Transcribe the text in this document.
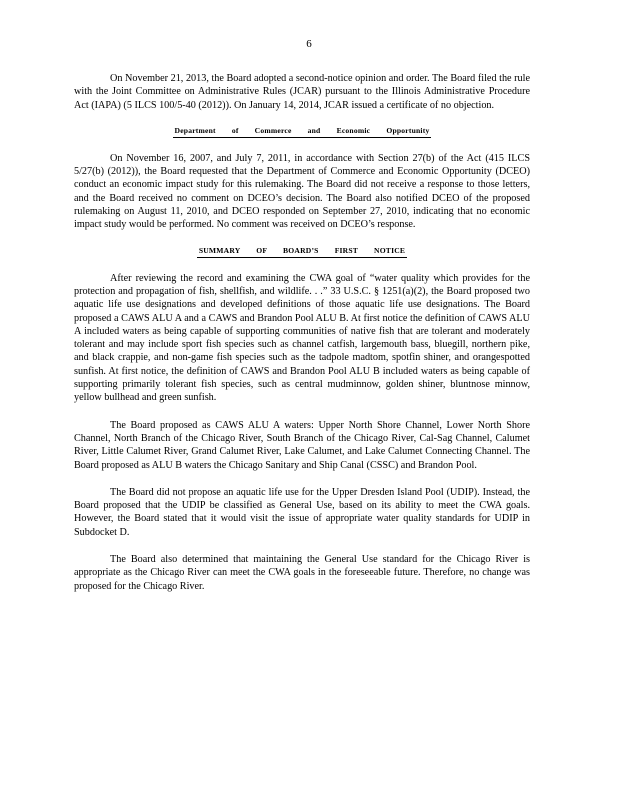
6

On November 21, 2013, the Board adopted a second-notice opinion and order. The Board filed the rule with the Joint Committee on Administrative Rules (JCAR) pursuant to the Illinois Administrative Procedure Act (IAPA) (5 ILCS 100/5-40 (2012)). On January 14, 2014, JCAR issued a certificate of no objection.

Department of Commerce and Economic Opportunity

On November 16, 2007, and July 7, 2011, in accordance with Section 27(b) of the Act (415 ILCS 5/27(b) (2012)), the Board requested that the Department of Commerce and Economic Opportunity (DCEO) conduct an economic impact study for this rulemaking. The Board did not receive a response to those letters, and the Board received no comment on DCEO’s decision. The Board also notified DCEO of the proposed rulemaking on August 11, 2010, and DCEO responded on September 27, 2010, indicating that no economic impact study would be performed. No comment was received on DCEO’s response.

SUMMARY OF BOARD’S FIRST NOTICE

After reviewing the record and examining the CWA goal of “water quality which provides for the protection and propagation of fish, shellfish, and wildlife. . .” 33 U.S.C. § 1251(a)(2), the Board proposed two aquatic life use designations and developed definitions of those aquatic life use designations. The Board proposed a CAWS ALU A and a CAWS and Brandon Pool ALU B. At first notice the definition of CAWS ALU A included waters as being capable of supporting communities of native fish that are tolerant and moderately tolerant and may include sport fish species such as channel catfish, largemouth bass, bluegill, northern pike, and black crappie, and non-game fish species such as the tadpole madtom, spotfin shiner, and orangespotted sunfish. At first notice, the definition of CAWS and Brandon Pool ALU B included waters as being capable of supporting primarily tolerant fish species, such as central mudminnow, golden shiner, bluntnose minnow, yellow bullhead and green sunfish.

The Board proposed as CAWS ALU A waters: Upper North Shore Channel, Lower North Shore Channel, North Branch of the Chicago River, South Branch of the Chicago River, Cal-Sag Channel, Calumet River, Little Calumet River, Grand Calumet River, Lake Calumet, and Lake Calumet Connecting Channel. The Board proposed as ALU B waters the Chicago Sanitary and Ship Canal (CSSC) and Brandon Pool.

The Board did not propose an aquatic life use for the Upper Dresden Island Pool (UDIP). Instead, the Board proposed that the UDIP be classified as General Use, based on its ability to meet the CWA goals. However, the Board stated that it would visit the issue of appropriate water quality standards for UDIP in Subdocket D.

The Board also determined that maintaining the General Use standard for the Chicago River is appropriate as the Chicago River can meet the CWA goals in the foreseeable future. Therefore, no change was proposed for the Chicago River.
